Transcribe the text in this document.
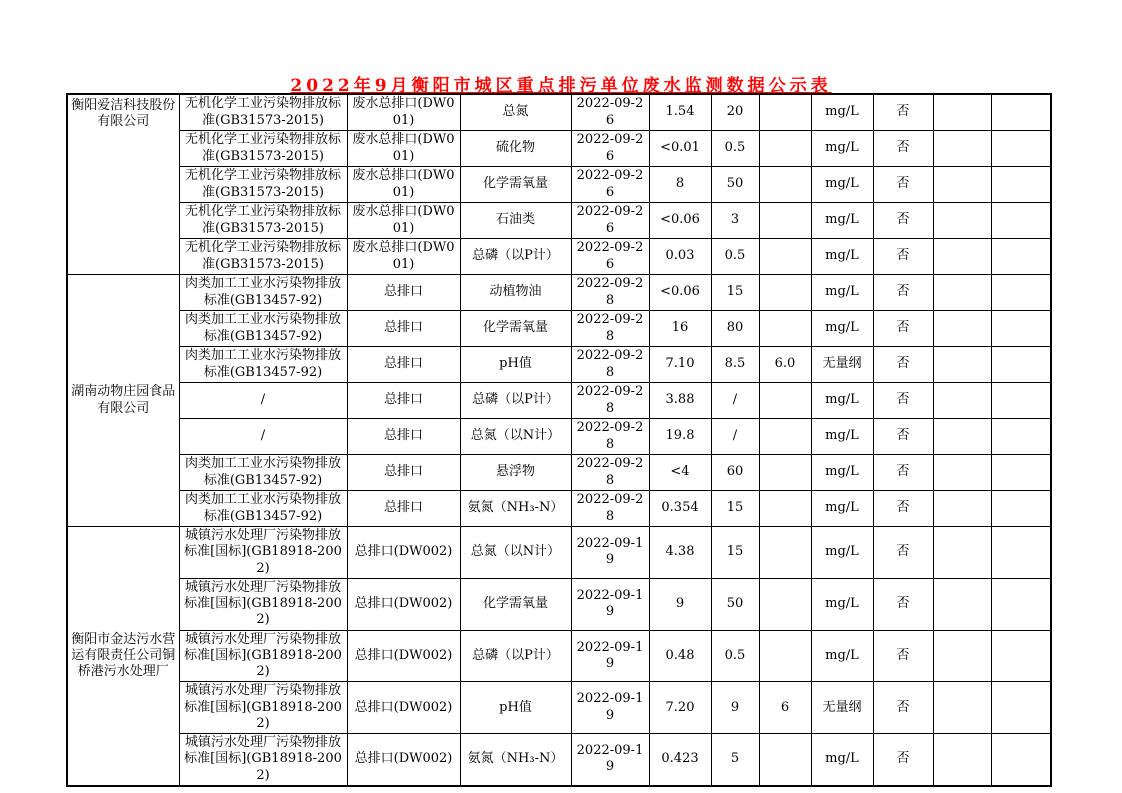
2022年9月衡阳市城区重点排污单位废水监测数据公示表
衡阳爱洁科技股份有限公司	无机化学工业污染物排放标准(GB31573-2015)	废水总排口(DW001)	总氮	2022-09-26	1.54	20		mg/L	否		
	无机化学工业污染物排放标准(GB31573-2015)	废水总排口(DW001)	硫化物	2022-09-26	<0.01	0.5		mg/L	否		
	无机化学工业污染物排放标准(GB31573-2015)	废水总排口(DW001)	化学需氧量	2022-09-26	8	50		mg/L	否		
	无机化学工业污染物排放标准(GB31573-2015)	废水总排口(DW001)	石油类	2022-09-26	<0.06	3		mg/L	否		
	无机化学工业污染物排放标准(GB31573-2015)	废水总排口(DW001)	总磷（以P计）	2022-09-26	0.03	0.5		mg/L	否		
湖南动物庄园食品有限公司	肉类加工工业水污染物排放标准(GB13457-92)	总排口	动植物油	2022-09-28	<0.06	15		mg/L	否		
	肉类加工工业水污染物排放标准(GB13457-92)	总排口	化学需氧量	2022-09-28	16	80		mg/L	否		
	肉类加工工业水污染物排放标准(GB13457-92)	总排口	pH值	2022-09-28	7.10	8.5	6.0	无量纲	否		
	/	总排口	总磷（以P计）	2022-09-28	3.88	/		mg/L	否		
	/	总排口	总氮（以N计）	2022-09-28	19.8	/		mg/L	否		
	肉类加工工业水污染物排放标准(GB13457-92)	总排口	悬浮物	2022-09-28	<4	60		mg/L	否		
	肉类加工工业水污染物排放标准(GB13457-92)	总排口	氨氮（NH₃-N）	2022-09-28	0.354	15		mg/L	否		
衡阳市金达污水营运有限责任公司铜桥港污水处理厂	城镇污水处理厂污染物排放标准[国标](GB18918-2002)	总排口(DW002)	总氮（以N计）	2022-09-19	4.38	15		mg/L	否		
	城镇污水处理厂污染物排放标准[国标](GB18918-2002)	总排口(DW002)	化学需氧量	2022-09-19	9	50		mg/L	否		
	城镇污水处理厂污染物排放标准[国标](GB18918-2002)	总排口(DW002)	总磷（以P计）	2022-09-19	0.48	0.5		mg/L	否		
	城镇污水处理厂污染物排放标准[国标](GB18918-2002)	总排口(DW002)	pH值	2022-09-19	7.20	9	6	无量纲	否		
	城镇污水处理厂污染物排放标准[国标](GB18918-2002)	总排口(DW002)	氨氮（NH₃-N）	2022-09-19	0.423	5		mg/L	否		
